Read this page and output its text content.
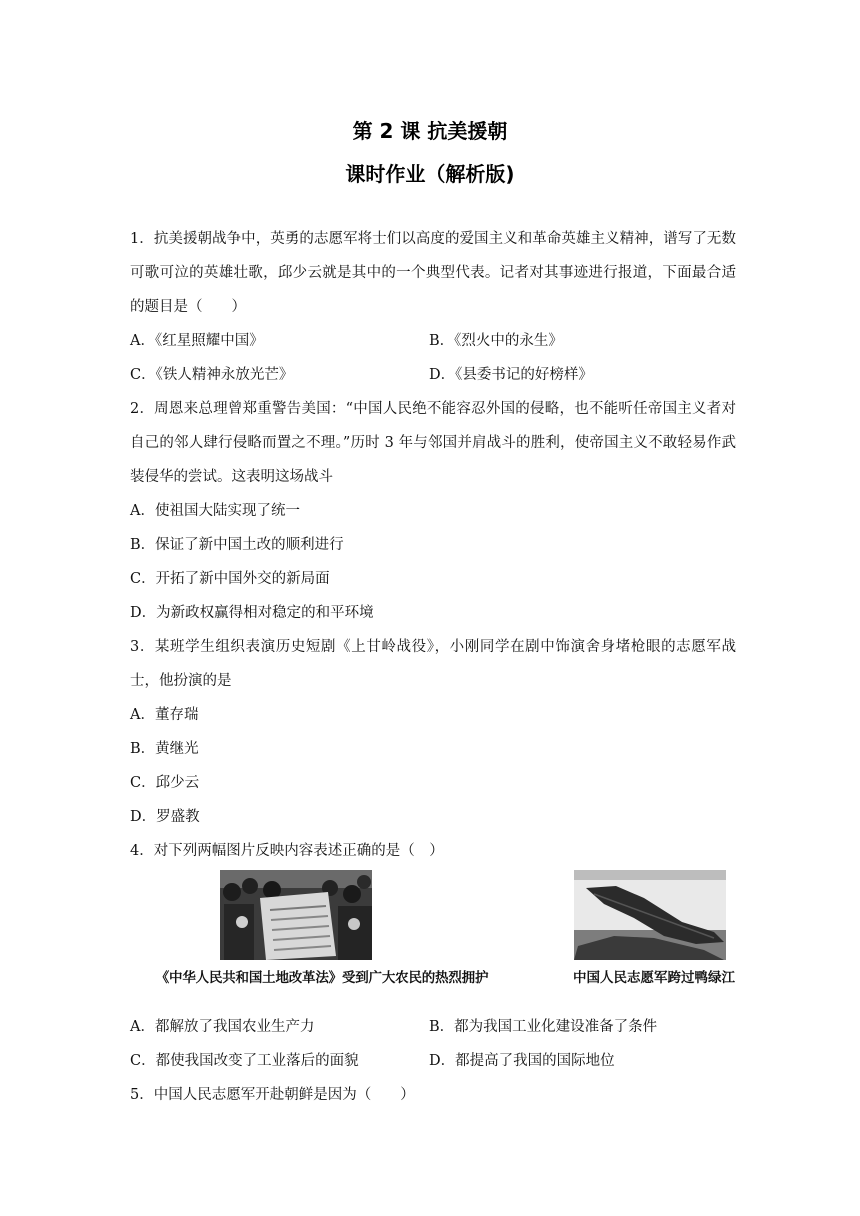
第 2 课 抗美援朝
课时作业（解析版)

1．抗美援朝战争中，英勇的志愿军将士们以高度的爱国主义和革命英雄主义精神，谱写了无数可歌可泣的英雄壮歌，邱少云就是其中的一个典型代表。记者对其事迹进行报道，下面最合适的题目是（　　）

A．《红星照耀中国》	B．《烈火中的永生》
C．《铁人精神永放光芒》	D．《县委书记的好榜样》

2．周恩来总理曾郑重警告美国：“中国人民绝不能容忍外国的侵略，也不能听任帝国主义者对自己的邻人肆行侵略而置之不理。”历时 3 年与邻国并肩战斗的胜利，使帝国主义不敢轻易作武装侵华的尝试。这表明这场战斗

A．使祖国大陆实现了统一
B．保证了新中国土改的顺利进行
C．开拓了新中国外交的新局面
D．为新政权赢得相对稳定的和平环境

3．某班学生组织表演历史短剧《上甘岭战役》，小刚同学在剧中饰演舍身堵枪眼的志愿军战士，他扮演的是

A．董存瑞
B．黄继光
C．邱少云
D．罗盛教

4．对下列两幅图片反映内容表述正确的是（　）

《中华人民共和国土地改革法》受到广大农民的热烈拥护	中国人民志愿军跨过鸭绿江
A．都解放了我国农业生产力	B．都为我国工业化建设准备了条件
C．都使我国改变了工业落后的面貌	D．都提高了我国的国际地位

5．中国人民志愿军开赴朝鲜是因为（　　）
